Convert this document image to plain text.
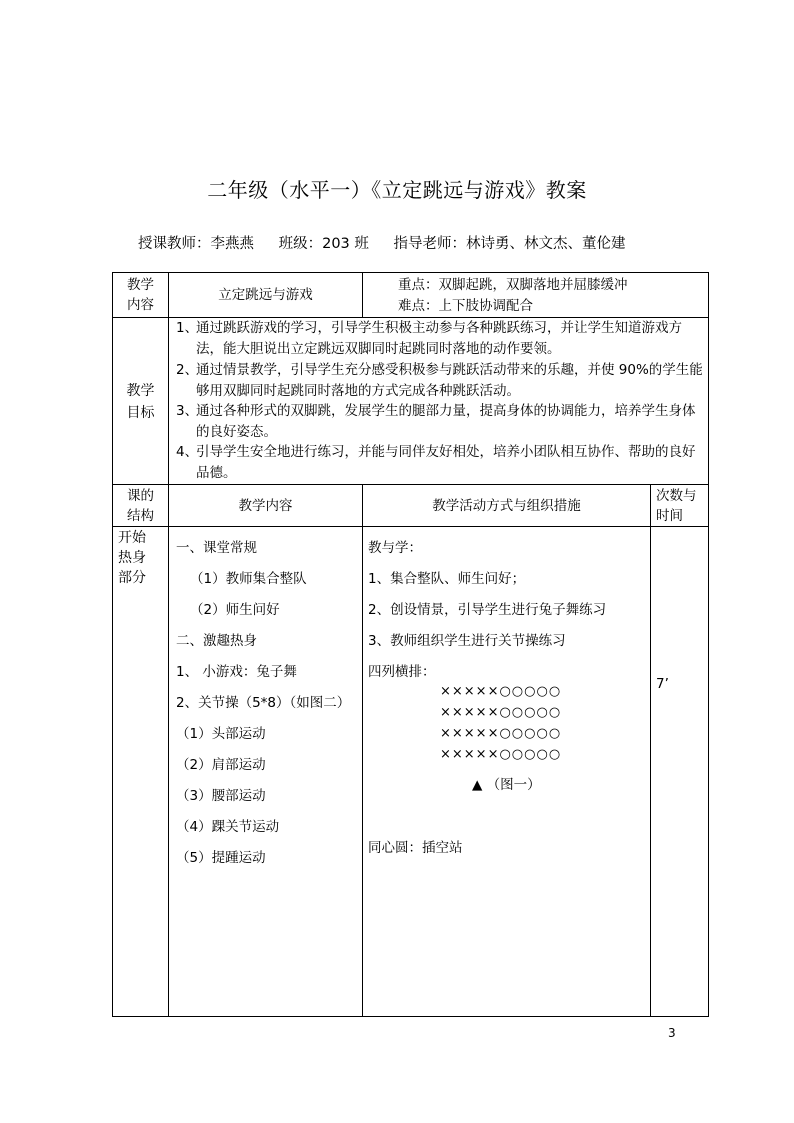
二年级（水平一）《立定跳远与游戏》教案
授课教师：李燕燕 班级：203 班 指导老师：林诗勇、林文杰、董伦建
教学
内容
立定跳远与游戏
重点：双脚起跳，双脚落地并屈膝缓冲
难点：上下肢协调配合
教学
目标
1、
通过跳跃游戏的学习，引导学生积极主动参与各种跳跃练习，并让学生知道游戏方法，能大胆说出立定跳远双脚同时起跳同时落地的动作要领。
2、
通过情景教学，引导学生充分感受积极参与跳跃活动带来的乐趣，并使 90%的学生能够用双脚同时起跳同时落地的方式完成各种跳跃活动。
3、
通过各种形式的双脚跳，发展学生的腿部力量，提高身体的协调能力，培养学生身体的良好姿态。
4、
引导学生安全地进行练习，并能与同伴友好相处，培养小团队相互协作、帮助的良好品德。
课的
结构
教学内容	教学活动方式与组织措施
次数与
时间
开始
热身
部分
一、课堂常规
（1）教师集合整队
（2）师生问好
二、激趣热身
1、 小游戏：兔子舞
2、关节操（5*8）（如图二）
（1）头部运动
（2）肩部运动
（3）腰部运动
（4）踝关节运动
（5）提踵运动
教与学：
1、集合整队、师生问好；
2、创设情景，引导学生进行兔子舞练习
3、教师组织学生进行关节操练习
四列横排：
×××××○○○○○
×××××○○○○○
×××××○○○○○
×××××○○○○○
▲ （图一）
同心圆：插空站
7’
3
